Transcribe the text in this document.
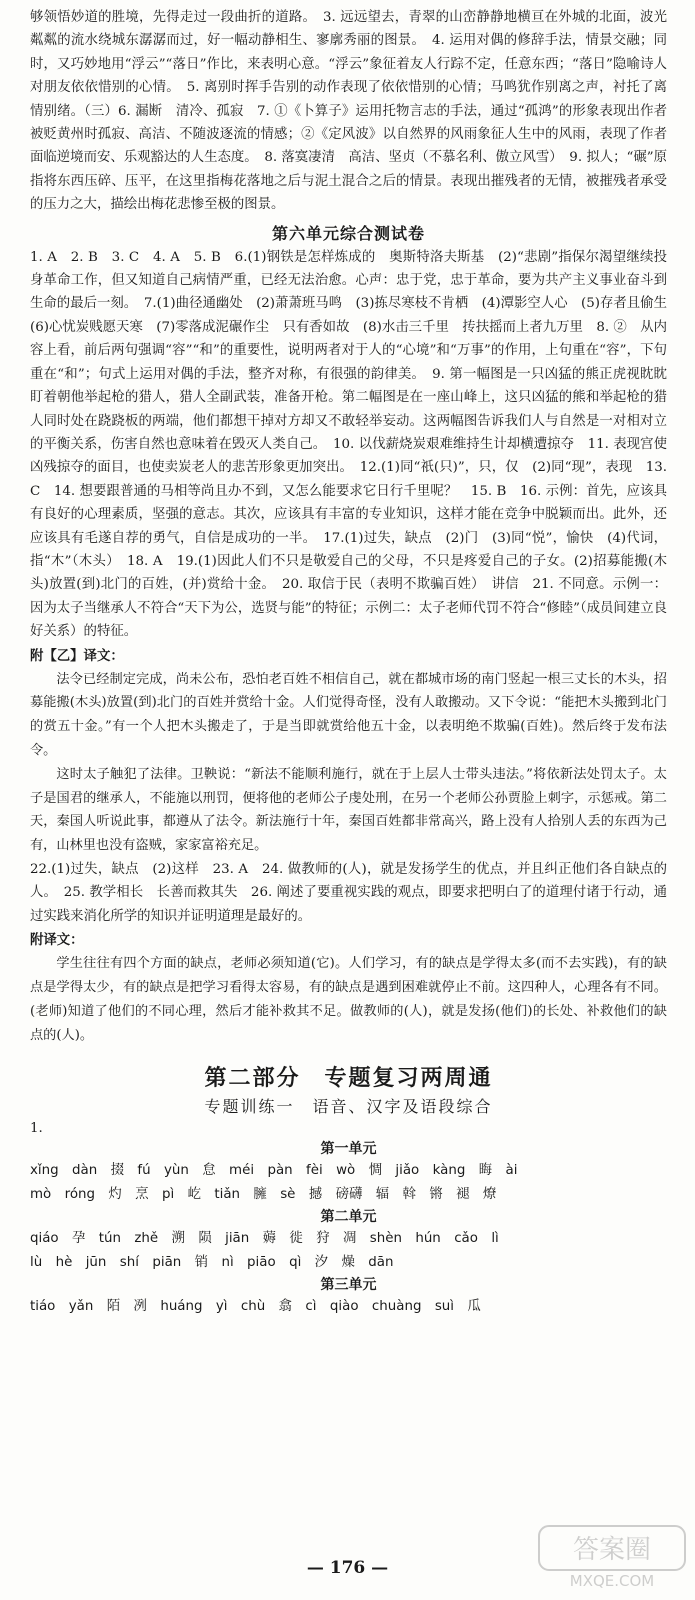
够领悟妙道的胜境，先得走过一段曲折的道路。　3. 远远望去，青翠的山峦静静地横亘在外城的北面，波光粼粼的流水绕城东潺潺而过，好一幅动静相生、寥廓秀丽的图景。　4. 运用对偶的修辞手法，情景交融；同时，又巧妙地用“浮云”“落日”作比，来表明心意。“浮云”象征着友人行踪不定，任意东西；“落日”隐喻诗人对朋友依依惜别的心情。　5. 离别时挥手告别的动作表现了依依惜别的心情；马鸣犹作别离之声，衬托了离情别绪。（三）6. 漏断　清冷、孤寂　7. ①《卜算子》运用托物言志的手法，通过“孤鸿”的形象表现出作者被贬黄州时孤寂、高洁、不随波逐流的情感；②《定风波》以自然界的风雨象征人生中的风雨，表现了作者面临逆境而安、乐观豁达的人生态度。　8. 落寞凄清　高洁、坚贞（不慕名利、傲立风雪）　9. 拟人；“碾”原指将东西压碎、压平，在这里指梅花落地之后与泥土混合之后的情景。表现出摧残者的无情，被摧残者承受的压力之大，描绘出梅花悲惨至极的图景。

第六单元综合测试卷

1. A　2. B　3. C　4. A　5. B　6.(1)钢铁是怎样炼成的　奥斯特洛夫斯基　(2)“悲剧”指保尔渴望继续投身革命工作，但又知道自己病情严重，已经无法治愈。心声：忠于党，忠于革命，要为共产主义事业奋斗到生命的最后一刻。　7.(1)曲径通幽处　(2)萧萧班马鸣　(3)拣尽寒枝不肯栖　(4)潭影空人心　(5)存者且偷生　(6)心忧炭贱愿天寒　(7)零落成泥碾作尘　只有香如故　(8)水击三千里　抟扶摇而上者九万里　8. ②　从内容上看，前后两句强调“容”“和”的重要性，说明两者对于人的“心境”和“万事”的作用，上句重在“容”，下句重在“和”；句式上运用对偶的手法，整齐对称，有很强的韵律美。　9. 第一幅图是一只凶猛的熊正虎视眈眈盯着朝他举起枪的猎人，猎人全副武装，准备开枪。第二幅图是在一座山峰上，这只凶猛的熊和举起枪的猎人同时处在跷跷板的两端，他们都想干掉对方却又不敢轻举妄动。这两幅图告诉我们人与自然是一对相对立的平衡关系，伤害自然也意味着在毁灭人类自己。　10. 以伐薪烧炭艰难维持生计却横遭掠夺　11. 表现宫使凶残掠夺的面目，也使卖炭老人的悲苦形象更加突出。　12.(1)同“祇(只)”，只，仅　(2)同“现”，表现　13. C　14. 想要跟普通的马相等尚且办不到，又怎么能要求它日行千里呢？　15. B　16. 示例：首先，应该具有良好的心理素质，坚强的意志。其次，应该具有丰富的专业知识，这样才能在竞争中脱颖而出。此外，还应该具有毛遂自荐的勇气，自信是成功的一半。　17.(1)过失，缺点　(2)门　(3)同“悦”，愉快　(4)代词，指“木”（木头）　18. A　19.(1)因此人们不只是敬爱自己的父母，不只是疼爱自己的子女。(2)招募能搬(木头)放置(到)北门的百姓，(并)赏给十金。　20. 取信于民（表明不欺骗百姓）　讲信　21. 不同意。示例一：因为太子当继承人不符合“天下为公，选贤与能”的特征；示例二：太子老师代罚不符合“修睦”（成员间建立良好关系）的特征。

附【乙】译文：

法令已经制定完成，尚未公布，恐怕老百姓不相信自己，就在都城市场的南门竖起一根三丈长的木头，招募能搬(木头)放置(到)北门的百姓并赏给十金。人们觉得奇怪，没有人敢搬动。又下令说：“能把木头搬到北门的赏五十金。”有一个人把木头搬走了，于是当即就赏给他五十金，以表明绝不欺骗(百姓)。然后终于发布法令。

这时太子触犯了法律。卫鞅说：“新法不能顺利施行，就在于上层人士带头违法。”将依新法处罚太子。太子是国君的继承人，不能施以刑罚，便将他的老师公子虔处刑，在另一个老师公孙贾脸上刺字，示惩戒。第二天，秦国人听说此事，都遵从了法令。新法施行十年，秦国百姓都非常高兴，路上没有人拾别人丢的东西为己有，山林里也没有盗贼，家家富裕充足。

22.(1)过失，缺点　(2)这样　23. A　24. 做教师的(人)，就是发扬学生的优点，并且纠正他们各自缺点的人。　25. 教学相长　长善而救其失　26. 阐述了要重视实践的观点，即要求把明白了的道理付诸于行动，通过实践来消化所学的知识并证明道理是最好的。

附译文：

学生往往有四个方面的缺点，老师必须知道(它)。人们学习，有的缺点是学得太多(而不去实践)，有的缺点是学得太少，有的缺点是把学习看得太容易，有的缺点是遇到困难就停止不前。这四种人，心理各有不同。(老师)知道了他们的不同心理，然后才能补救其不足。做教师的(人)，就是发扬(他们)的长处、补救他们的缺点的(人)。

第二部分　专题复习两周通
专题训练一　语音、汉字及语段综合
1.
第一单元

xǐng　dàn　掇　fú　yùn　怠　méi　pàn　fèi　wò　惆　jiǎo　kàng　晦　ài

mò　róng　灼　烹　pì　屹　tiǎn　臃　sè　撼　磅礴　辐　斡　锵　褪　燎

第二单元

qiáo　孕　tún　zhě　溯　陨　jiān　薅　徙　狩　凋　shèn　hún　cǎo　lì

lù　hè　jūn　shí　piān　销　nì　piāo　qì　汐　燥　dān

第三单元

tiáo　yǎn　陌　冽　huáng　yì　chù　翕　cì　qiào　chuàng　suì　瓜

— 176 —
答案圈
MXQE.COM
